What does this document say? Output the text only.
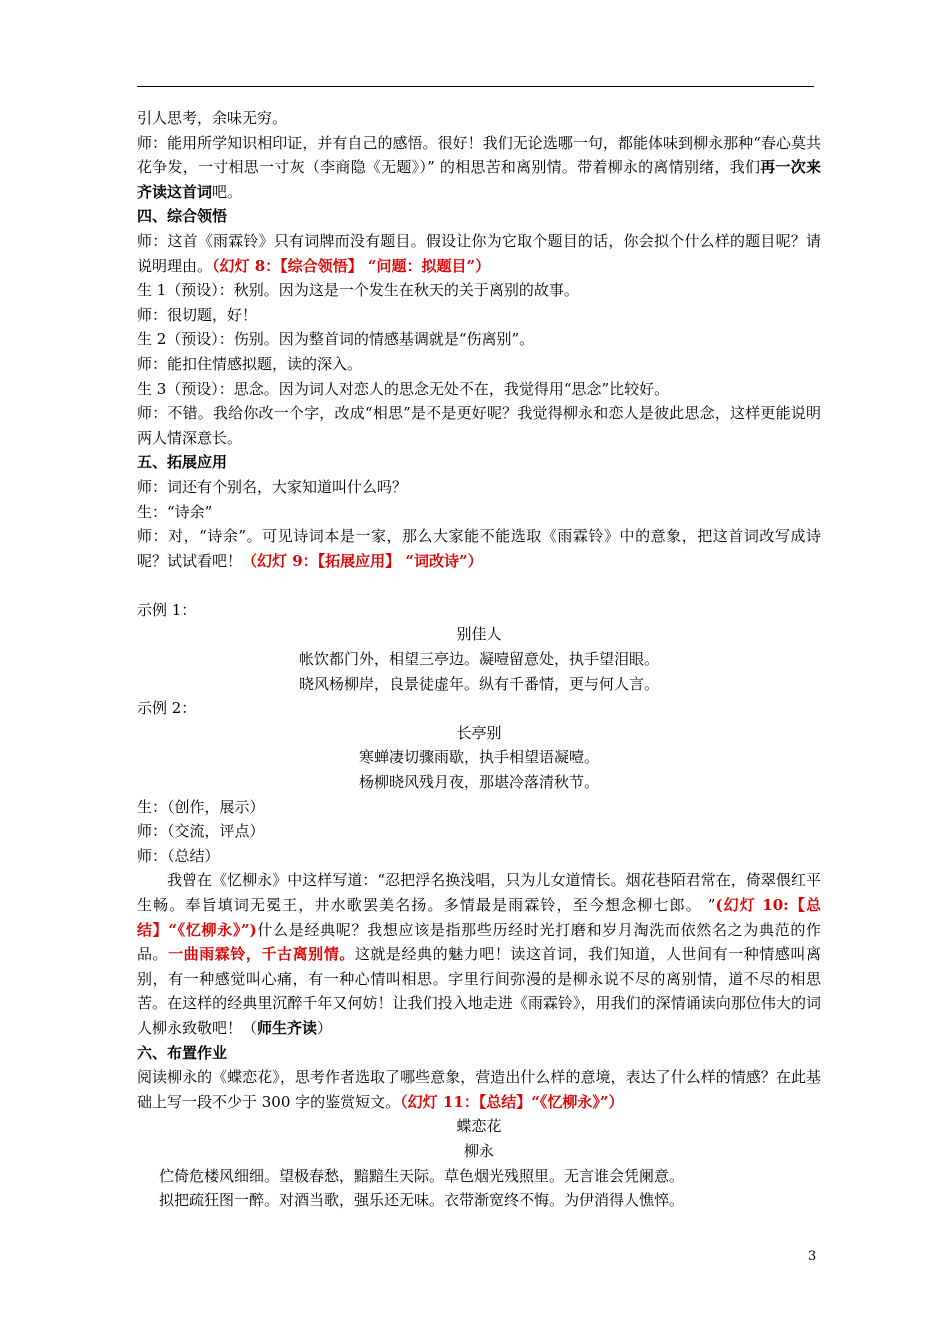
引人思考，余味无穷。

师：能用所学知识相印证，并有自己的感悟。很好！我们无论选哪一句，都能体味到柳永那种“春心莫共花争发，一寸相思一寸灰（李商隐《无题》）” 的相思苦和离别情。带着柳永的离情别绪，我们再一次来齐读这首词吧。

四、综合领悟

师：这首《雨霖铃》只有词牌而没有题目。假设让你为它取个题目的话，你会拟个什么样的题目呢？请说明理由。（幻灯 8：【综合领悟】 “问题：拟题目”）

生 1（预设）：秋别。因为这是一个发生在秋天的关于离别的故事。

师：很切题，好！

生 2（预设）：伤别。因为整首词的情感基调就是“伤离别”。

师：能扣住情感拟题，读的深入。

生 3（预设）：思念。因为词人对恋人的思念无处不在，我觉得用“思念”比较好。

师：不错。我给你改一个字，改成“相思”是不是更好呢？我觉得柳永和恋人是彼此思念，这样更能说明两人情深意长。

五、拓展应用

师：词还有个别名，大家知道叫什么吗？

生：“诗余”

师：对，“诗余”。可见诗词本是一家，那么大家能不能选取《雨霖铃》中的意象，把这首词改写成诗呢？试试看吧！（幻灯 9：【拓展应用】 “词改诗”）

示例 1：

别佳人

帐饮都门外，相望三亭边。凝噎留意处，执手望泪眼。

晓风杨柳岸，良景徒虚年。纵有千番情，更与何人言。

示例 2：

长亭别

寒蝉凄切骤雨歇，执手相望语凝噎。

杨柳晓风残月夜，那堪冷落清秋节。

生：（创作，展示）

师：（交流，评点）

师：（总结）

我曾在《忆柳永》中这样写道：“忍把浮名换浅唱，只为儿女道情长。烟花巷陌君常在，倚翠偎红平生畅。奉旨填词无冕王，井水歌罢美名扬。多情最是雨霖铃，至今想念柳七郎。 ”(幻灯 10:【总结】“《忆柳永》”)什么是经典呢？我想应该是指那些历经时光打磨和岁月淘洗而依然名之为典范的作品。一曲雨霖铃，千古离别情。这就是经典的魅力吧！读这首词，我们知道，人世间有一种情感叫离别，有一种感觉叫心痛，有一种心情叫相思。字里行间弥漫的是柳永说不尽的离别情，道不尽的相思苦。在这样的经典里沉醉千年又何妨！让我们投入地走进《雨霖铃》，用我们的深情诵读向那位伟大的词人柳永致敬吧！（师生齐读）

六、布置作业

阅读柳永的《蝶恋花》，思考作者选取了哪些意象，营造出什么样的意境，表达了什么样的情感？在此基础上写一段不少于 300 字的鉴赏短文。（幻灯 11：【总结】“《忆柳永》”）

蝶恋花

柳永

伫倚危楼风细细。望极春愁，黯黯生天际。草色烟光残照里。无言谁会凭阑意。

拟把疏狂图一醉。对酒当歌，强乐还无味。衣带渐宽终不悔。为伊消得人憔悴。

3
